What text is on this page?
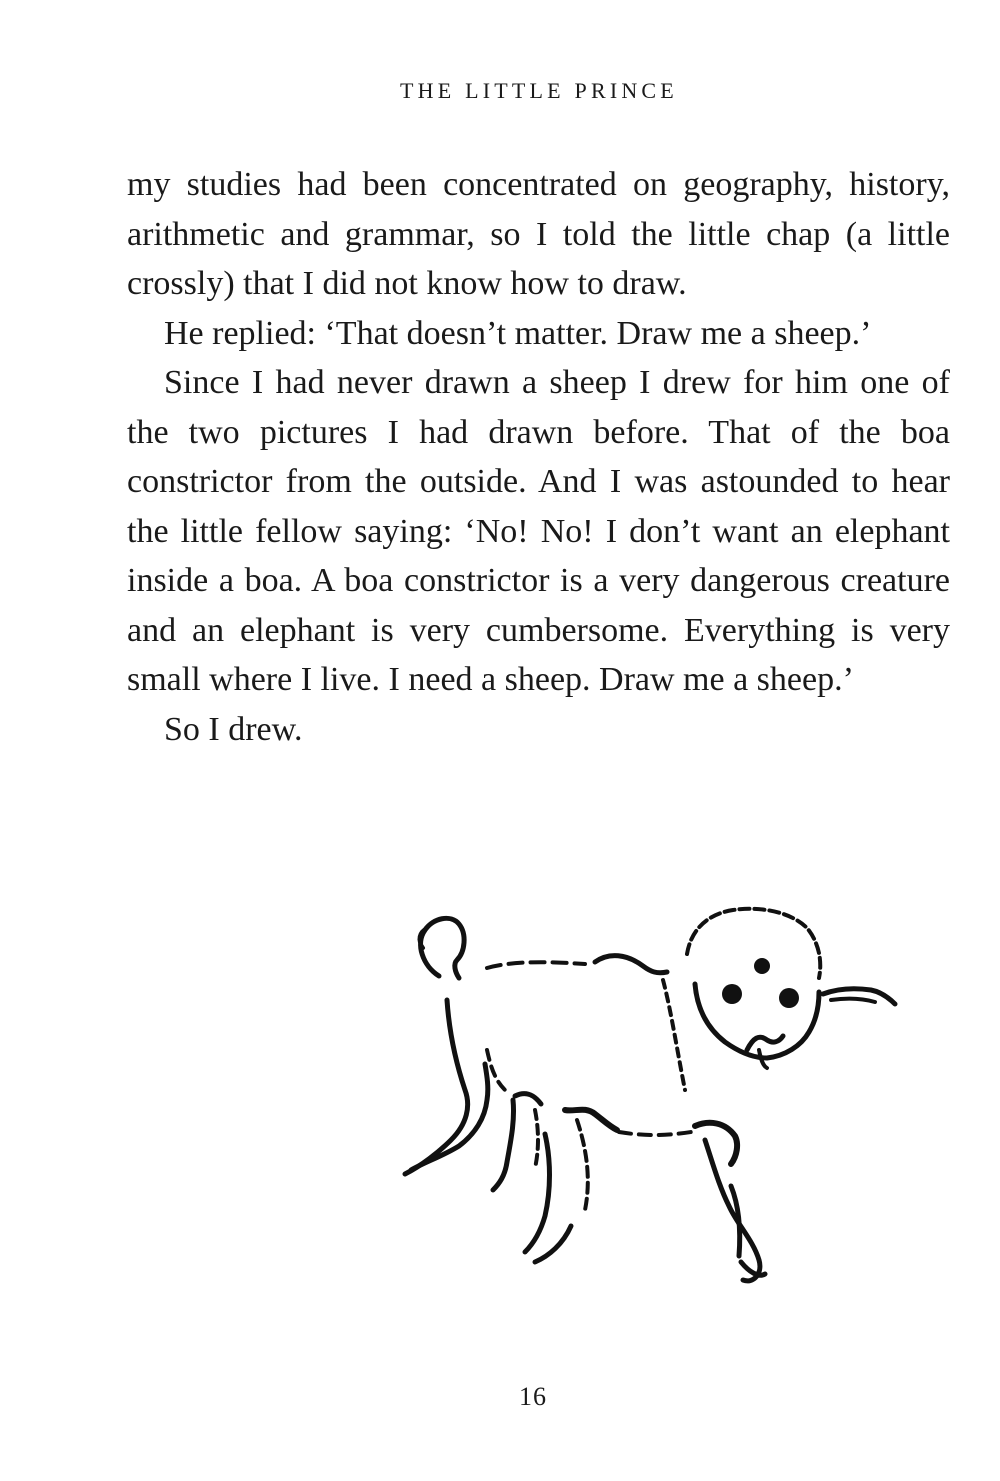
THE LITTLE PRINCE

my studies had been concentrated on geography, history, arithmetic and grammar, so I told the little chap (a little crossly) that I did not know how to draw.

He replied: ‘That doesn’t matter. Draw me a sheep.’

Since I had never drawn a sheep I drew for him one of the two pictures I had drawn before. That of the boa constrictor from the outside. And I was astounded to hear the little fellow saying: ‘No! No! I don’t want an elephant inside a boa. A boa constrictor is a very dangerous creature and an elephant is very cumbersome. Everything is very small where I live. I need a sheep. Draw me a sheep.’

So I drew.

16
